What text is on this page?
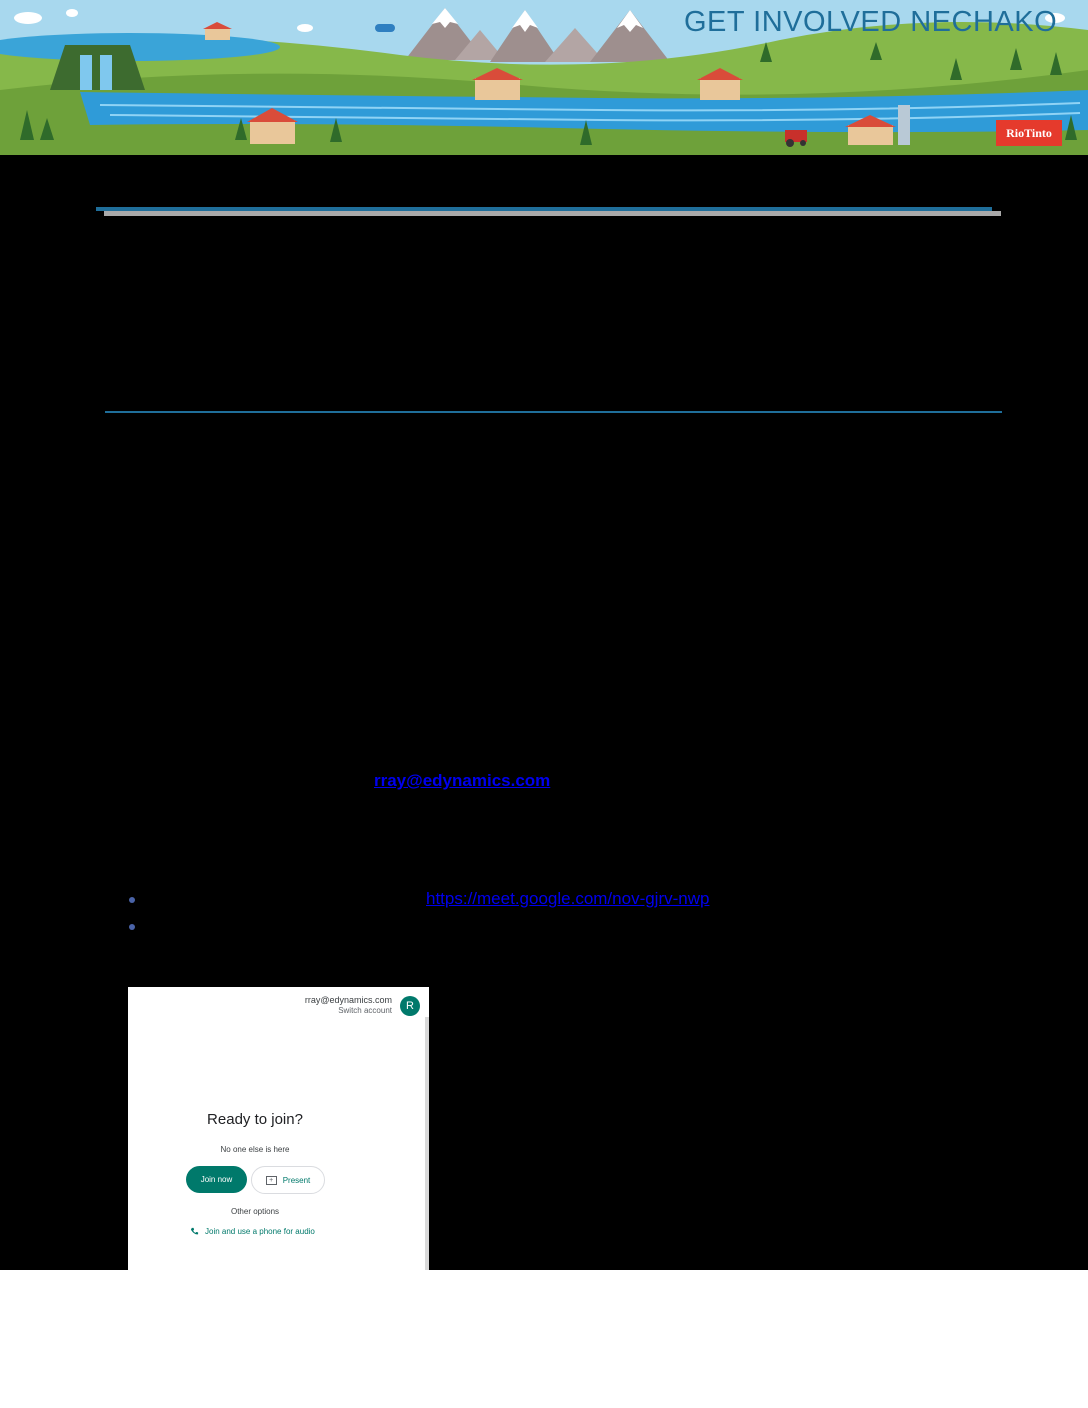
GET INVOLVED NECHAKO
RioTinto
rray@edynamics.com
https://meet.google.com/nov-gjrv-nwp
rray@edynamics.com
Switch account	R
Ready to join?
No one else is here
Join now	+	Present
Other options
Join and use a phone for audio
